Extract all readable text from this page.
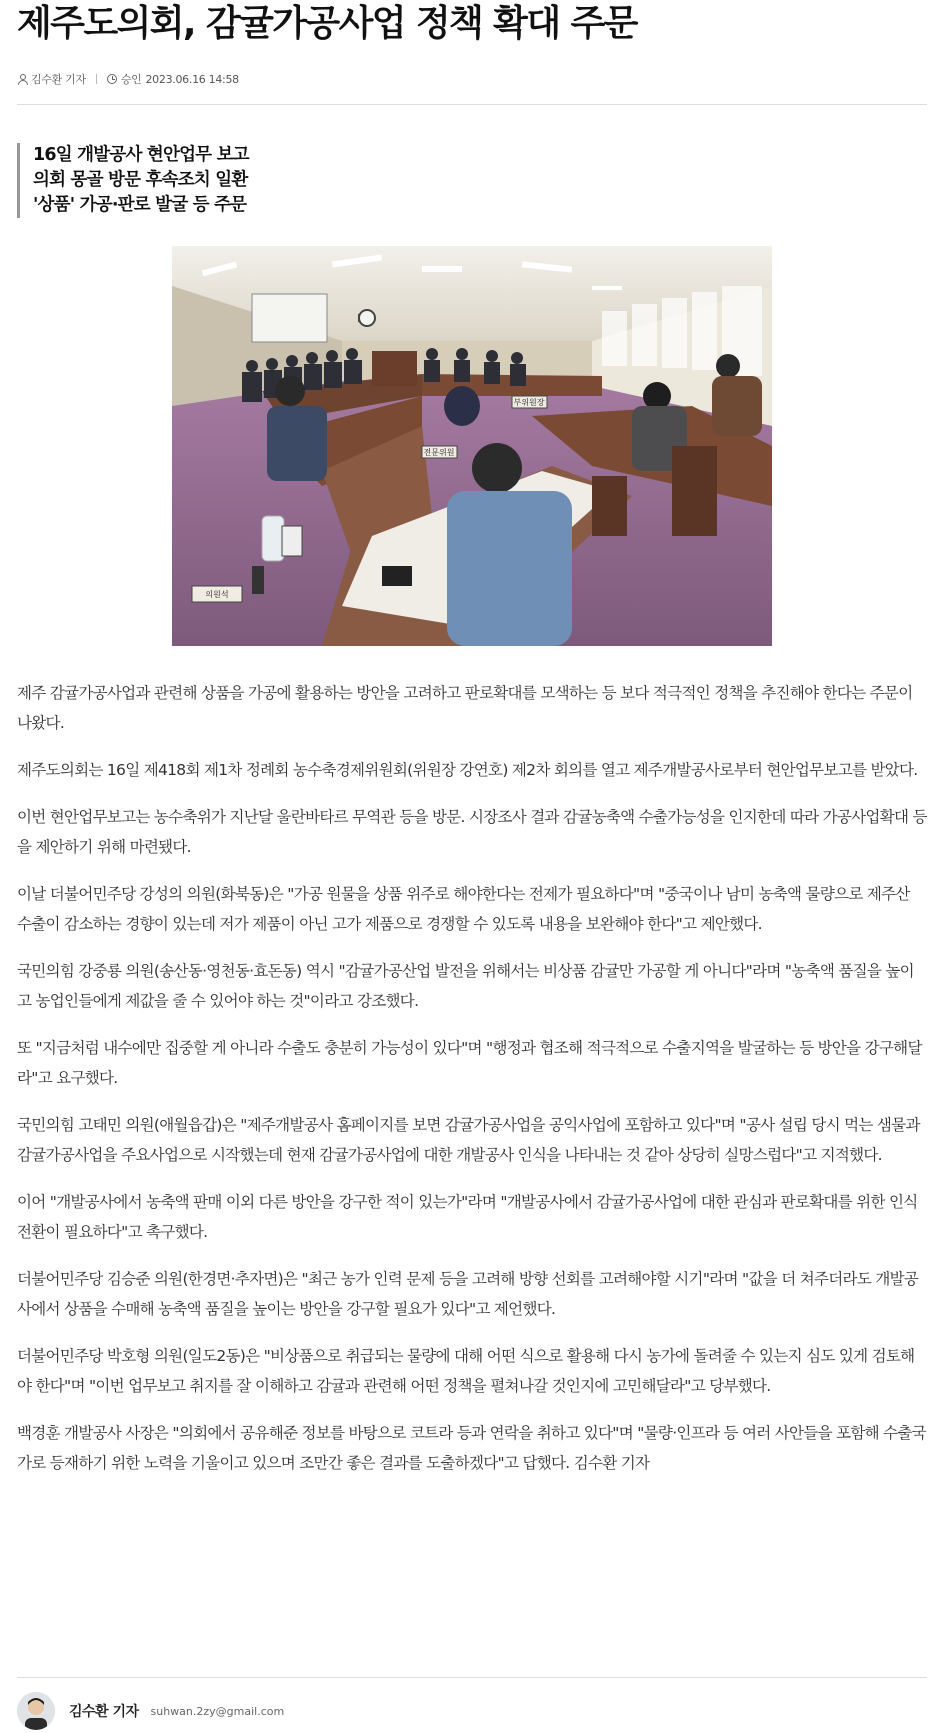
제주도의회, 감귤가공사업 정책 확대 주문
김수환 기자	승인 2023.06.16 14:58

16일 개발공사 현안업무 보고

의회 몽골 방문 후속조치 일환

'상품' 가공·판로 발굴 등 주문

의원석
전문위원
부위원장

제주 감귤가공사업과 관련해 상품을 가공에 활용하는 방안을 고려하고 판로확대를 모색하는 등 보다 적극적인 정책을 추진해야 한다는 주문이 나왔다.

제주도의회는 16일 제418회 제1차 정례회 농수축경제위원회(위원장 강연호) 제2차 회의를 열고 제주개발공사로부터 현안업무보고를 받았다.

이번 현안업무보고는 농수축위가 지난달 울란바타르 무역관 등을 방문. 시장조사 결과 감귤농축액 수출가능성을 인지한데 따라 가공사업확대 등을 제안하기 위해 마련됐다.

이날 더불어민주당 강성의 의원(화북동)은 "가공 원물을 상품 위주로 해야한다는 전제가 필요하다"며 "중국이나 남미 농축액 물량으로 제주산 수출이 감소하는 경향이 있는데 저가 제품이 아닌 고가 제품으로 경쟁할 수 있도록 내용을 보완해야 한다"고 제안했다.

국민의힘 강중룡 의원(송산동·영천동·효돈동) 역시 "감귤가공산업 발전을 위해서는 비상품 감귤만 가공할 게 아니다"라며 "농축액 품질을 높이고 농업인들에게 제값을 줄 수 있어야 하는 것"이라고 강조했다.

또 "지금처럼 내수에만 집중할 게 아니라 수출도 충분히 가능성이 있다"며 "행정과 협조해 적극적으로 수출지역을 발굴하는 등 방안을 강구해달라"고 요구했다.

국민의힘 고태민 의원(애월읍갑)은 "제주개발공사 홈페이지를 보면 감귤가공사업을 공익사업에 포함하고 있다"며 "공사 설립 당시 먹는 샘물과 감귤가공사업을 주요사업으로 시작했는데 현재 감귤가공사업에 대한 개발공사 인식을 나타내는 것 같아 상당히 실망스럽다"고 지적했다.

이어 "개발공사에서 농축액 판매 이외 다른 방안을 강구한 적이 있는가"라며 "개발공사에서 감귤가공사업에 대한 관심과 판로확대를 위한 인식전환이 필요하다"고 촉구했다.

더불어민주당 김승준 의원(한경면·추자면)은 "최근 농가 인력 문제 등을 고려해 방향 선회를 고려해야할 시기"라며 "값을 더 쳐주더라도 개발공사에서 상품을 수매해 농축액 품질을 높이는 방안을 강구할 필요가 있다"고 제언했다.

더불어민주당 박호형 의원(일도2동)은 "비상품으로 취급되는 물량에 대해 어떤 식으로 활용해 다시 농가에 돌려줄 수 있는지 심도 있게 검토해야 한다"며 "이번 업무보고 취지를 잘 이해하고 감귤과 관련해 어떤 정책을 펼쳐나갈 것인지에 고민해달라"고 당부했다.

백경훈 개발공사 사장은 "의회에서 공유해준 정보를 바탕으로 코트라 등과 연락을 취하고 있다"며 "물량·인프라 등 여러 사안들을 포함해 수출국가로 등재하기 위한 노력을 기울이고 있으며 조만간 좋은 결과를 도출하겠다"고 답했다. 김수환 기자

김수환 기자 suhwan.2zy@gmail.com
